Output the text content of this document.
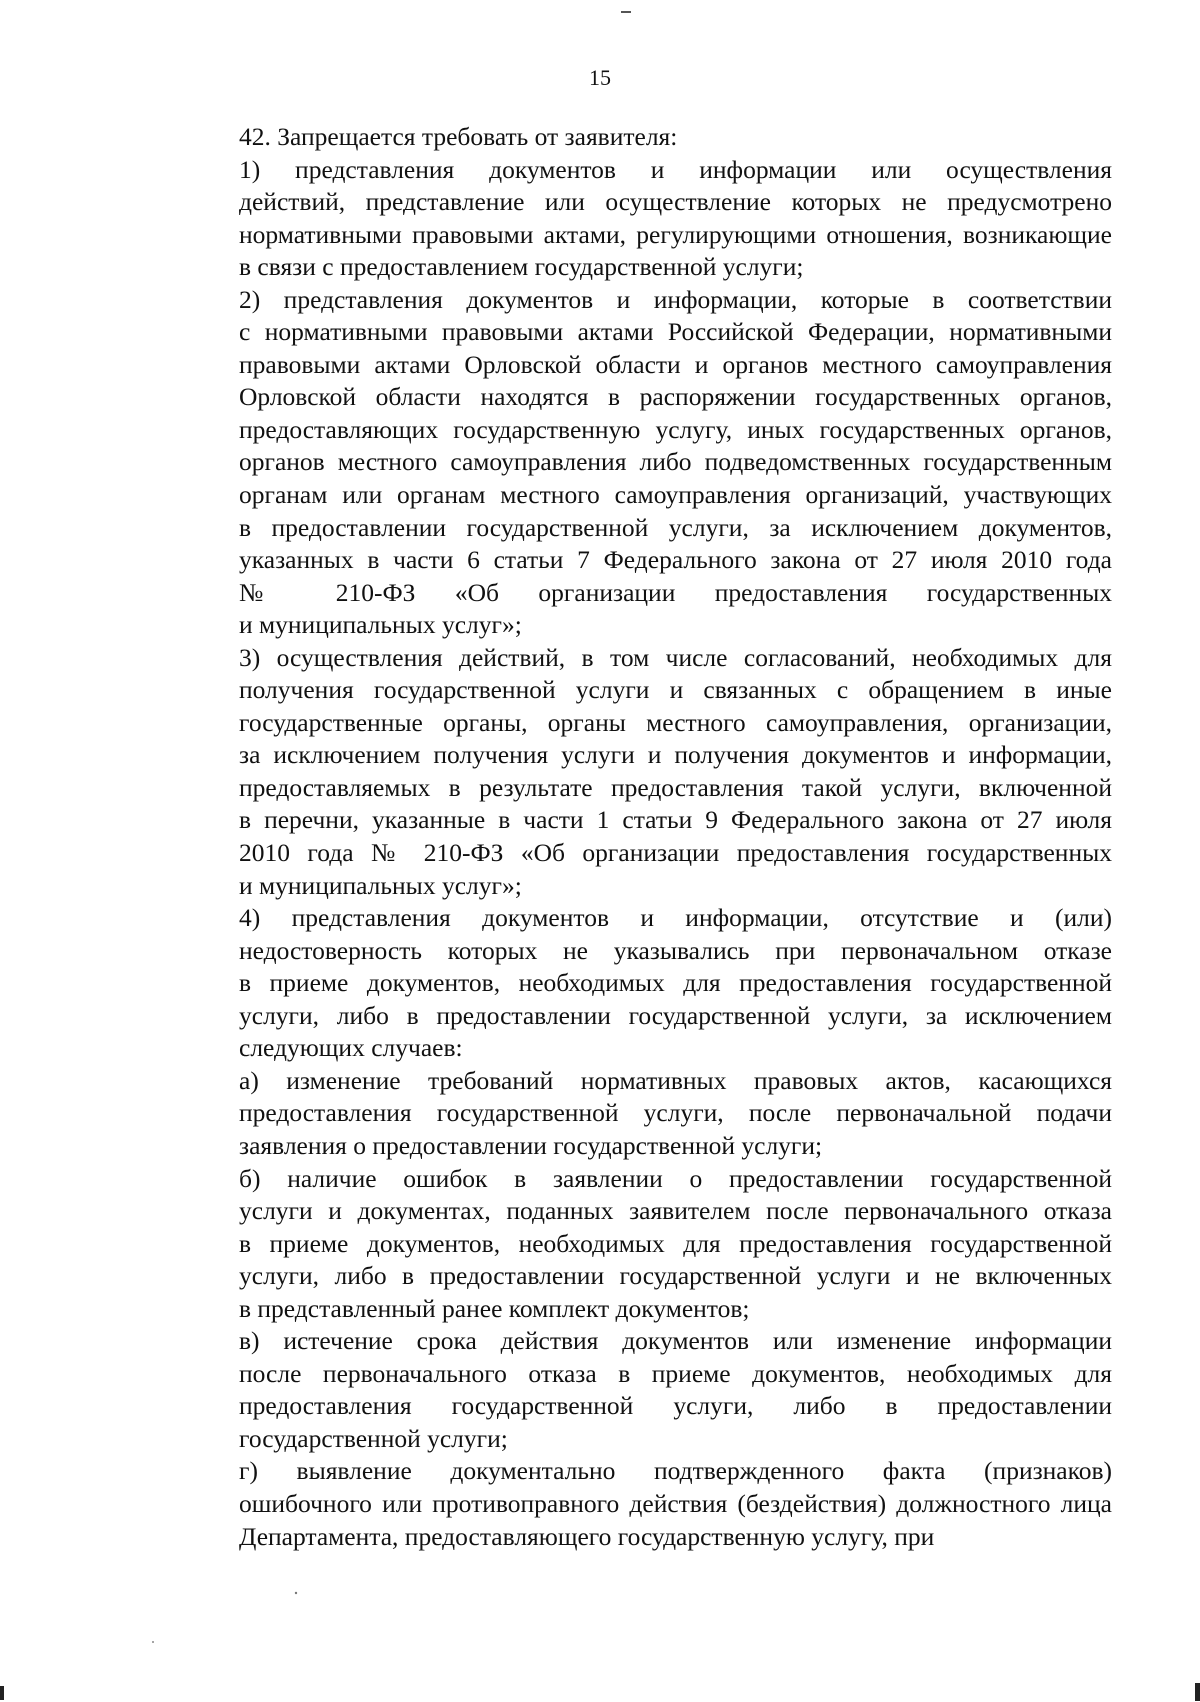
15

42. Запрещается требовать от заявителя:

1) представления документов и информации или осуществления
действий, представление или осуществление которых не предусмотрено
нормативными правовыми актами, регулирующими отношения, возникающие
в связи с предоставлением государственной услуги;

2) представления документов и информации, которые в соответствии
с нормативными правовыми актами Российской Федерации, нормативными
правовыми актами Орловской области и органов местного самоуправления
Орловской области находятся в распоряжении государственных органов,
предоставляющих государственную услугу, иных государственных органов,
органов местного самоуправления либо подведомственных государственным
органам или органам местного самоуправления организаций, участвующих
в предоставлении государственной услуги, за исключением документов,
указанных в части 6 статьи 7 Федерального закона от 27 июля 2010 года
№ 210-ФЗ «Об организации предоставления государственных
и муниципальных услуг»;

3) осуществления действий, в том числе согласований, необходимых для
получения государственной услуги и связанных с обращением в иные
государственные органы, органы местного самоуправления, организации,
за исключением получения услуги и получения документов и информации,
предоставляемых в результате предоставления такой услуги, включенной
в перечни, указанные в части 1 статьи 9 Федерального закона от 27 июля
2010 года № 210-ФЗ «Об организации предоставления государственных
и муниципальных услуг»;

4) представления документов и информации, отсутствие и (или)
недостоверность которых не указывались при первоначальном отказе
в приеме документов, необходимых для предоставления государственной
услуги, либо в предоставлении государственной услуги, за исключением
следующих случаев:

а) изменение требований нормативных правовых актов, касающихся
предоставления государственной услуги, после первоначальной подачи
заявления о предоставлении государственной услуги;

б) наличие ошибок в заявлении о предоставлении государственной
услуги и документах, поданных заявителем после первоначального отказа
в приеме документов, необходимых для предоставления государственной
услуги, либо в предоставлении государственной услуги и не включенных
в представленный ранее комплект документов;

в) истечение срока действия документов или изменение информации
после первоначального отказа в приеме документов, необходимых для
предоставления государственной услуги, либо в предоставлении
государственной услуги;

г) выявление документально подтвержденного факта (признаков)
ошибочного или противоправного действия (бездействия) должностного лица
Департамента, предоставляющего государственную услугу, при
